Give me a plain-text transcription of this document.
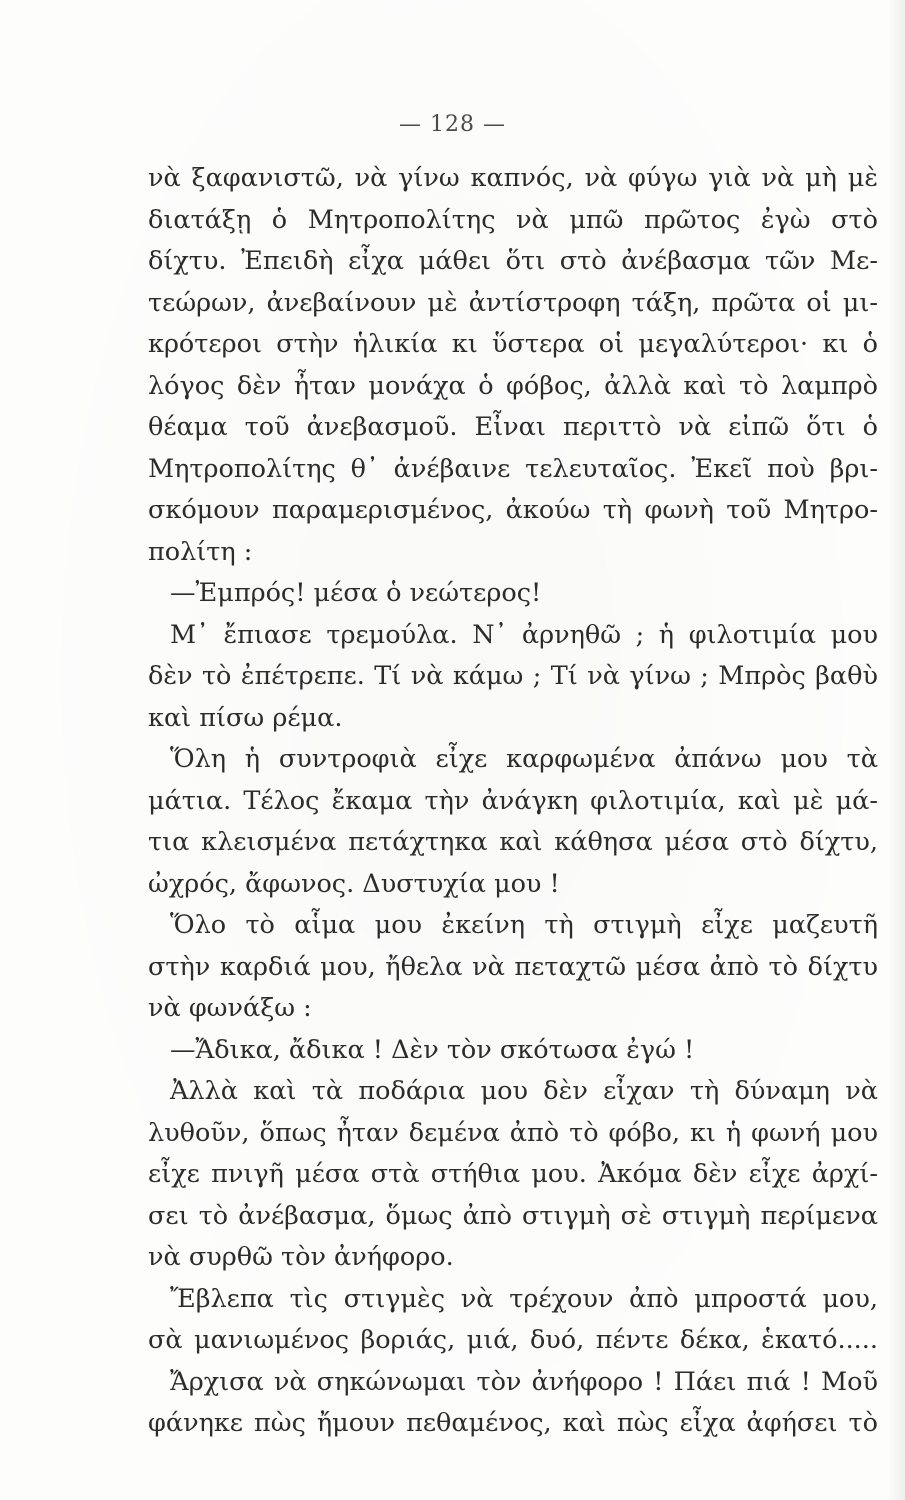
— 128 —
νὰ ξαφανιστῶ, νὰ γίνω καπνός, νὰ φύγω γιὰ νὰ μὴ μὲ
διατάξῃ ὁ Μητροπολίτης νὰ μπῶ πρῶτος ἐγὼ στὸ
δίχτυ. Ἐπειδὴ εἶχα μάθει ὅτι στὸ ἀνέβασμα τῶν Με-
τεώρων, ἀνεβαίνουν μὲ ἀντίστροφη τάξη, πρῶτα οἱ μι-
κρότεροι στὴν ἡλικία κι ὕστερα οἱ μεγαλύτεροι· κι ὁ
λόγος δὲν ἦταν μονάχα ὁ φόβος, ἀλλὰ καὶ τὸ λαμπρὸ
θέαμα τοῦ ἀνεβασμοῦ. Εἶναι περιττὸ νὰ εἰπῶ ὅτι ὁ
Μητροπολίτης θ᾽ ἀνέβαινε τελευταῖος. Ἐκεῖ ποὺ βρι-
σκόμουν παραμερισμένος, ἀκούω τὴ φωνὴ τοῦ Μητρο-
πολίτη :
—Ἐμπρός! μέσα ὁ νεώτερος!
Μ᾽ ἔπιασε τρεμούλα. Ν᾽ ἀρνηθῶ ; ἡ φιλοτιμία μου
δὲν τὸ ἐπέτρεπε. Τί νὰ κάμω ; Τί νὰ γίνω ; Μπρὸς βαθὺ
καὶ πίσω ρέμα.
Ὅλη ἡ συντροφιὰ εἶχε καρφωμένα ἀπάνω μου τὰ
μάτια. Τέλος ἔκαμα τὴν ἀνάγκη φιλοτιμία, καὶ μὲ μά-
τια κλεισμένα πετάχτηκα καὶ κάθησα μέσα στὸ δίχτυ,
ὠχρός, ἄφωνος. Δυστυχία μου !
Ὅλο τὸ αἷμα μου ἐκείνη τὴ στιγμὴ εἶχε μαζευτῆ
στὴν καρδιά μου, ἤθελα νὰ πεταχτῶ μέσα ἀπὸ τὸ δίχτυ
νὰ φωνάξω :
—Ἄδικα, ἄδικα ! Δὲν τὸν σκότωσα ἐγώ !
Ἀλλὰ καὶ τὰ ποδάρια μου δὲν εἶχαν τὴ δύναμη νὰ
λυθοῦν, ὅπως ἦταν δεμένα ἀπὸ τὸ φόβο, κι ἡ φωνή μου
εἶχε πνιγῆ μέσα στὰ στήθια μου. Ἀκόμα δὲν εἶχε ἀρχί-
σει τὸ ἀνέβασμα, ὅμως ἀπὸ στιγμὴ σὲ στιγμὴ περίμενα
νὰ συρθῶ τὸν ἀνήφορο.
Ἔβλεπα τὶς στιγμὲς νὰ τρέχουν ἀπὸ μπροστά μου,
σὰ μανιωμένος βοριάς, μιά, δυό, πέντε δέκα, ἑκατό.....
Ἄρχισα νὰ σηκώνωμαι τὸν ἀνήφορο ! Πάει πιά ! Μοῦ
φάνηκε πὼς ἤμουν πεθαμένος, καὶ πὼς εἶχα ἀφήσει τὸ
